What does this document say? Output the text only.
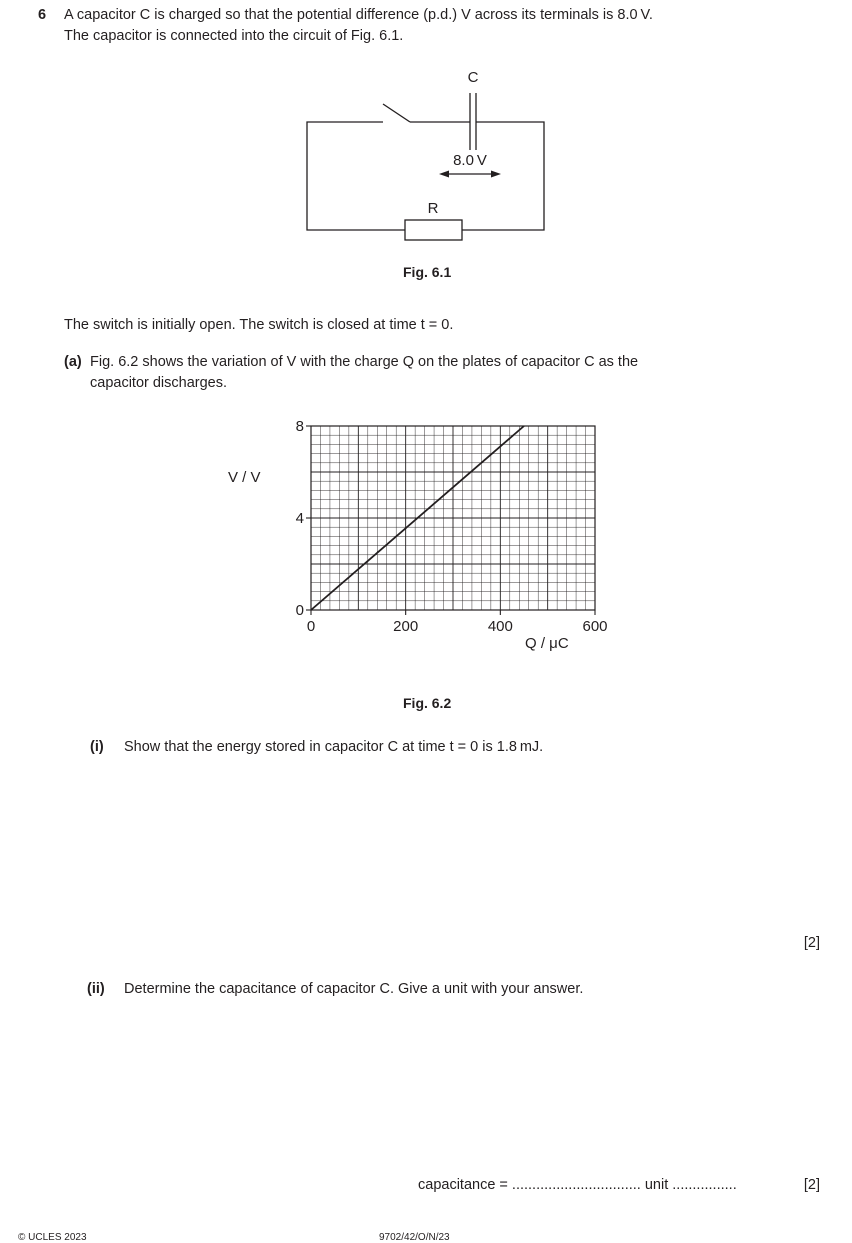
6 A capacitor C is charged so that the potential difference (p.d.) V across its terminals is 8.0 V.
The capacitor is connected into the circuit of Fig. 6.1.
C
8.0 V
R
Fig. 6.1
The switch is initially open. The switch is closed at time t = 0.
(a) Fig. 6.2 shows the variation of V with the charge Q on the plates of capacitor C as the
capacitor discharges.
0	200	400	600
0
4
8
V / V
Q / μC
Fig. 6.2
(i) Show that the energy stored in capacitor C at time t = 0 is 1.8 mJ.
[2]
(ii) Determine the capacitance of capacitor C. Give a unit with your answer.
capacitance = ................................ unit ................	[2]
© UCLES 2023	9702/42/O/N/23
